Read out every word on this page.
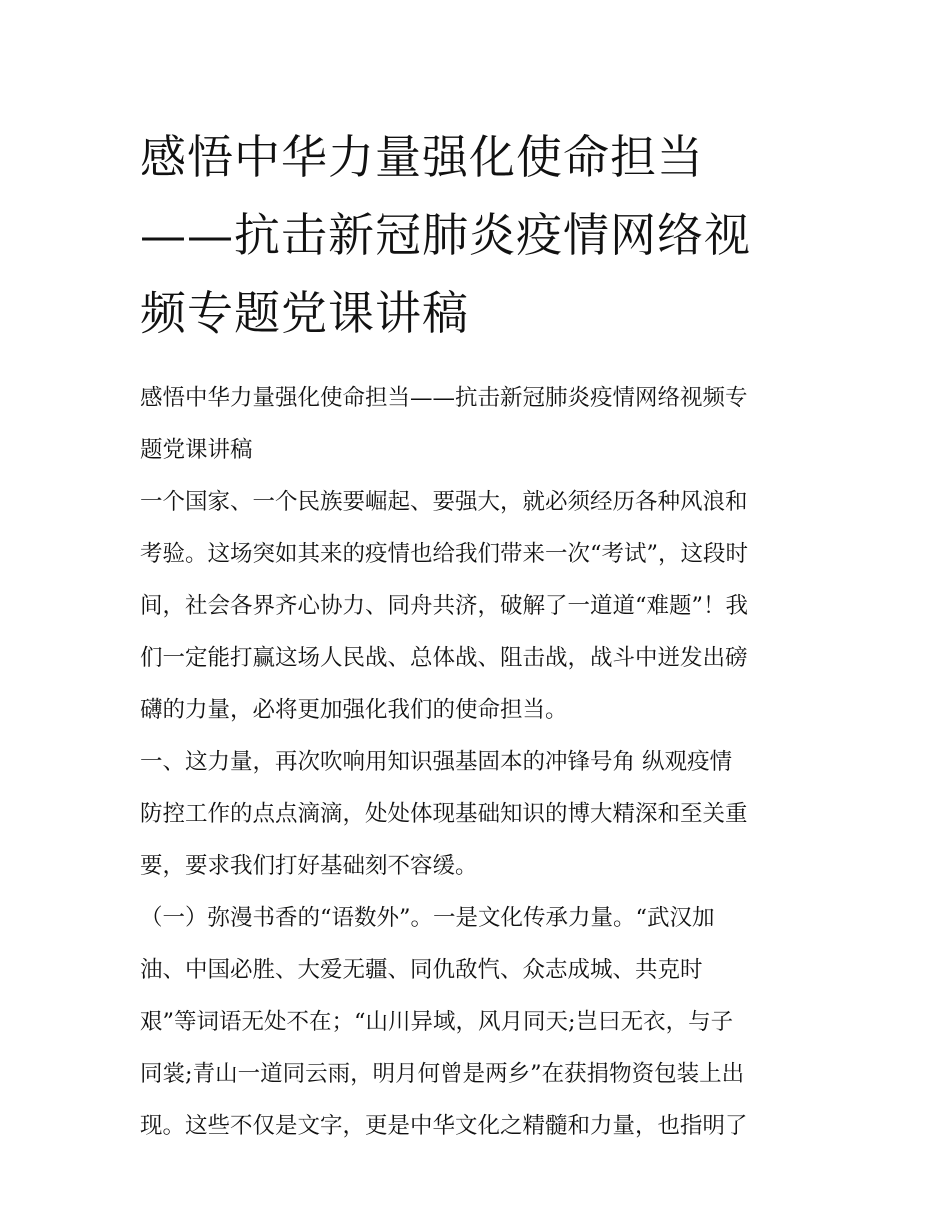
感悟中华力量强化使命担当
——抗击新冠肺炎疫情网络视
频专题党课讲稿
感悟中华力量强化使命担当——抗击新冠肺炎疫情网络视频专
题党课讲稿
一个国家、一个民族要崛起、要强大，就必须经历各种风浪和
考验。这场突如其来的疫情也给我们带来一次“考试”，这段时
间，社会各界齐心协力、同舟共济，破解了一道道“难题”！我
们一定能打赢这场人民战、总体战、阻击战，战斗中迸发出磅
礴的力量，必将更加强化我们的使命担当。
一、这力量，再次吹响用知识强基固本的冲锋号角 纵观疫情
防控工作的点点滴滴，处处体现基础知识的博大精深和至关重
要，要求我们打好基础刻不容缓。
（一）弥漫书香的“语数外”。一是文化传承力量。“武汉加
油、中国必胜、大爱无疆、同仇敌忾、众志成城、共克时
艰”等词语无处不在；“山川异域，风月同天;岂曰无衣，与子
同裳;青山一道同云雨，明月何曾是两乡”在获捐物资包装上出
现。这些不仅是文字，更是中华文化之精髓和力量，也指明了
